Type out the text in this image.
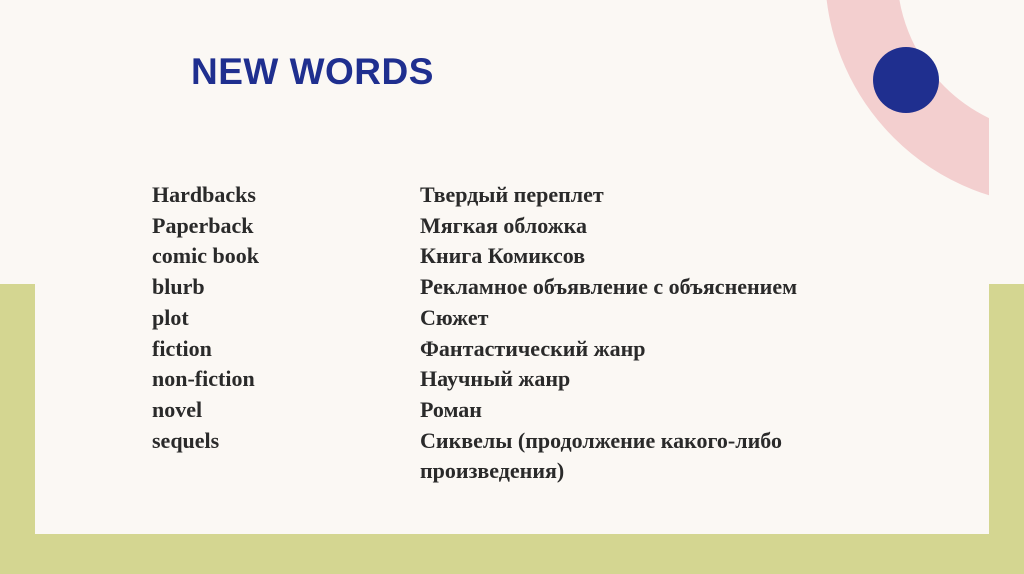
NEW WORDS
Hardbacks	Твердый переплет
Paperback	Мягкая обложка
comic book	Книга Комиксов
blurb	Рекламное объявление с объяснением
plot	Сюжет
fiction	Фантастический жанр
non-fiction	Научный жанр
novel	Роман
sequels	Сиквелы (продолжение какого-либо произведения)
